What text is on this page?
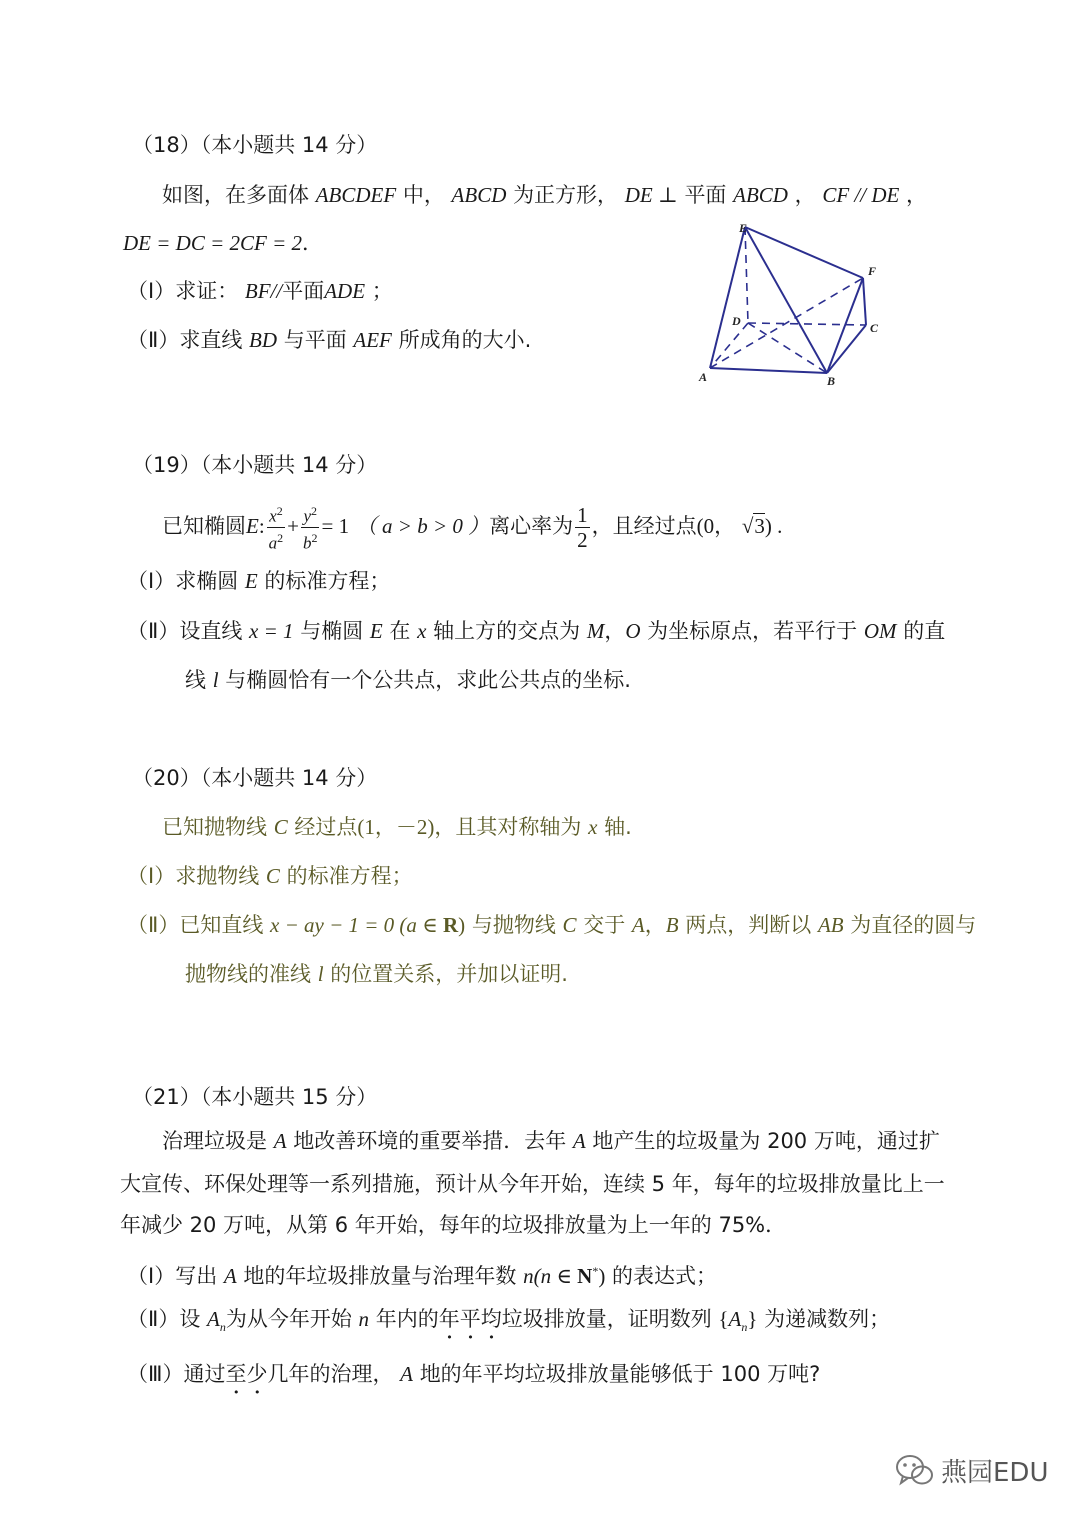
（18）（本小题共 14 分）
如图，在多面体 ABCDEF 中， ABCD 为正方形， DE ⊥ 平面 ABCD ， CF // DE ，
DE = DC = 2CF = 2．
（Ⅰ）求证： BF//平面ADE ；
（Ⅱ）求直线 BD 与平面 AEF 所成角的大小.
E
F
D	C
A	B
（19）（本小题共 14 分）
已知椭圆E: $\frac{x^2}{a^2} + \frac{y^2}{b^2} = 1$ （ a > b > 0 ）离心率为 $\frac{1}{2}$ ，且经过点(0， √3) .
（Ⅰ）求椭圆 E 的标准方程；
（Ⅱ）设直线 x = 1 与椭圆 E 在 x 轴上方的交点为 M，O 为坐标原点，若平行于 OM 的直
线 l 与椭圆恰有一个公共点，求此公共点的坐标.
（20）（本小题共 14 分）
已知抛物线 C 经过点(1，－2)，且其对称轴为 x 轴.
（Ⅰ）求抛物线 C 的标准方程；
（Ⅱ）已知直线 x − ay − 1 = 0 (a ∈ R) 与抛物线 C 交于 A，B 两点，判断以 AB 为直径的圆与
抛物线的准线 l 的位置关系，并加以证明.
（21）（本小题共 15 分）
治理垃圾是 A 地改善环境的重要举措．去年 A 地产生的垃圾量为 200 万吨，通过扩
大宣传、环保处理等一系列措施，预计从今年开始，连续 5 年，每年的垃圾排放量比上一
年减少 20 万吨，从第 6 年开始，每年的垃圾排放量为上一年的 75%．
（Ⅰ）写出 A 地的年垃圾排放量与治理年数 n(n ∈ N*) 的表达式；
（Ⅱ）设 $A_n$为从今年开始 n 年内的年平均垃圾排放量，证明数列 $\{A_n\}$ 为递减数列；
（Ⅲ）通过至少几年的治理， A 地的年平均垃圾排放量能够低于 100 万吨?
燕园EDU
